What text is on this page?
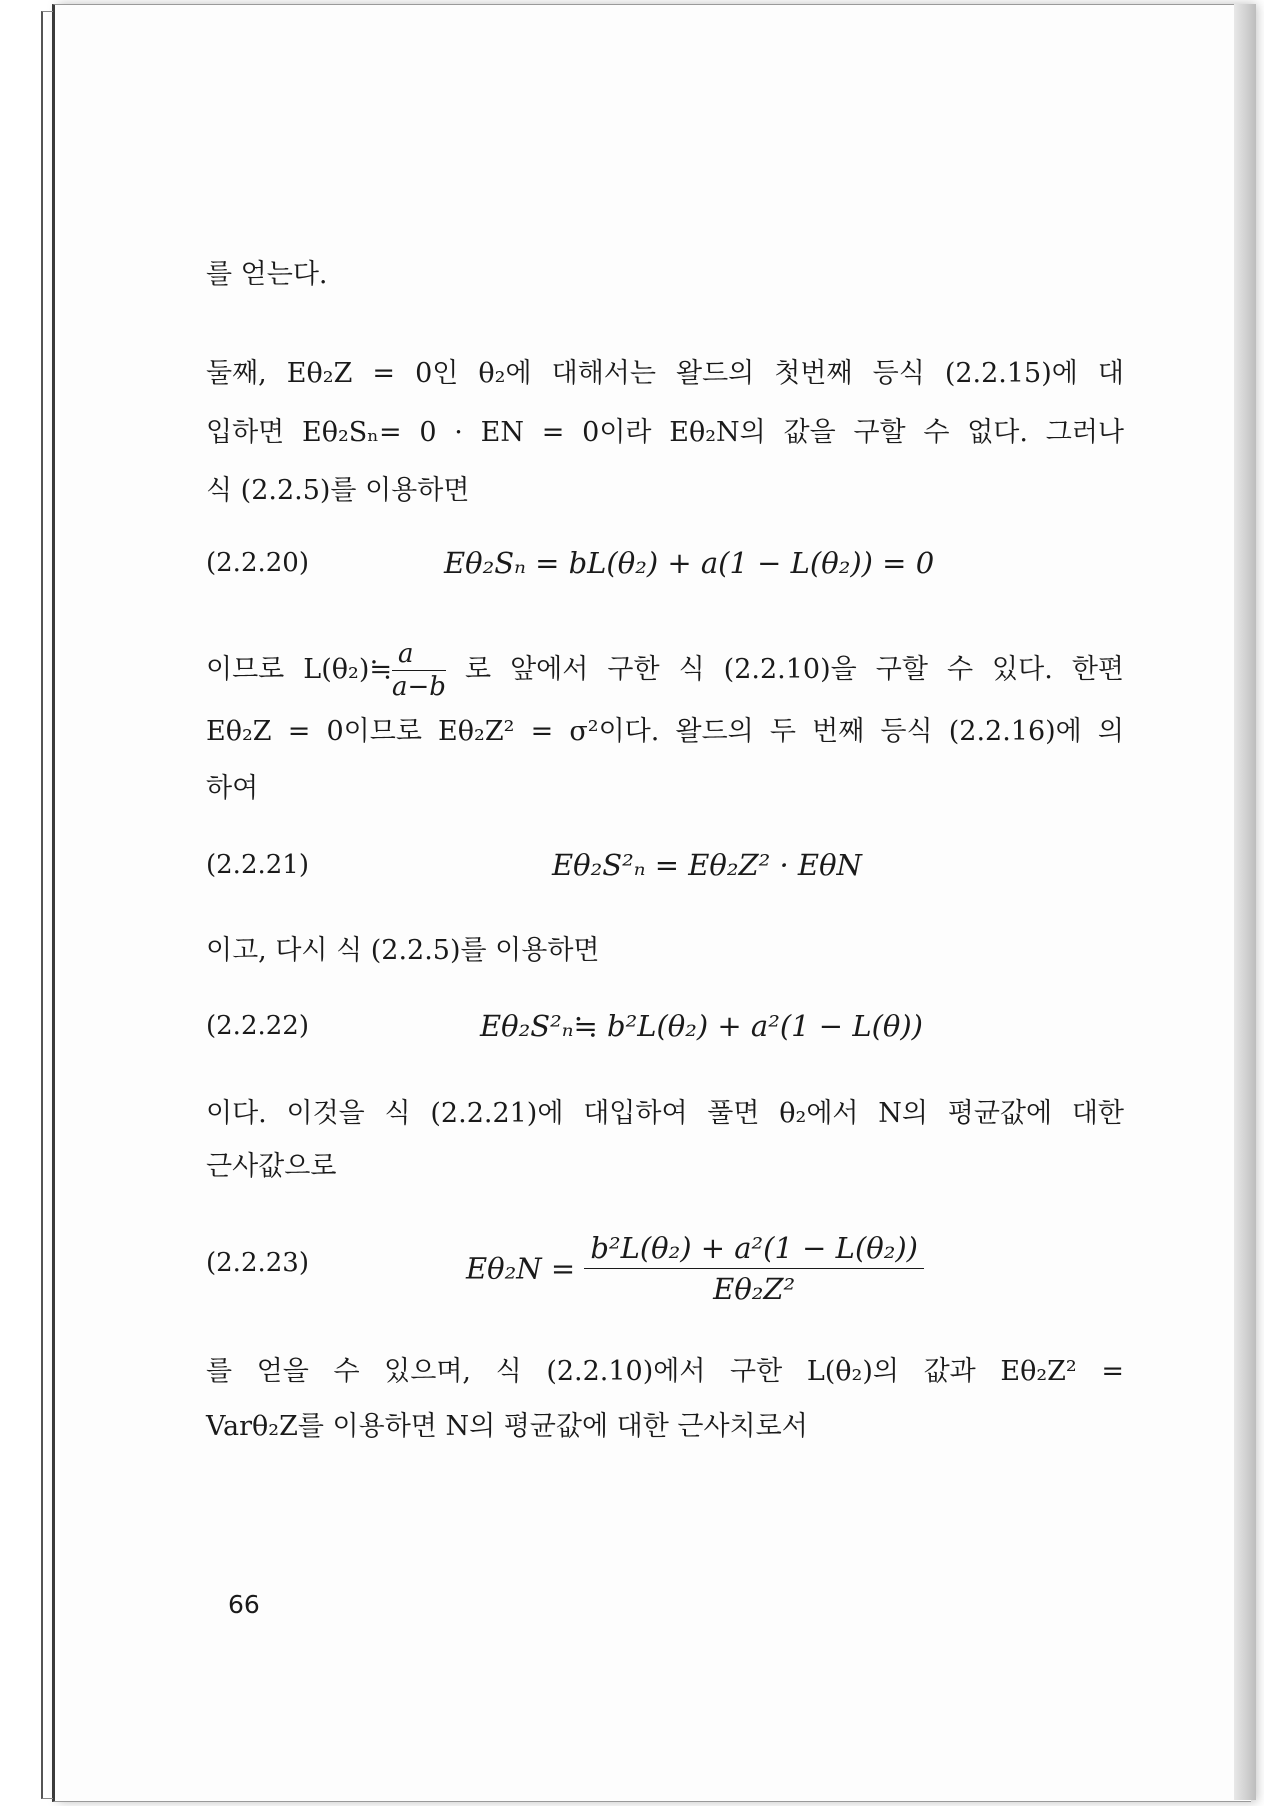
를 얻는다.
둘째, Eθ₂Z = 0인 θ₂에 대해서는 왈드의 첫번째 등식 (2.2.15)에 대
입하면 Eθ₂Sₙ= 0 · EN = 0이라 Eθ₂N의 값을 구할 수 없다. 그러나
식 (2.2.5)를 이용하면
(2.2.20)	Eθ₂Sₙ = bL(θ₂) + a(1 − L(θ₂)) = 0
이므로 L(θ₂)≒ $\frac{a}{a-b}$ 로 앞에서 구한 식 (2.2.10)을 구할 수 있다. 한편
Eθ₂Z = 0이므로 Eθ₂Z² = σ²이다. 왈드의 두 번째 등식 (2.2.16)에 의
하여
(2.2.21)	Eθ₂S²ₙ = Eθ₂Z² · EθN
이고, 다시 식 (2.2.5)를 이용하면
(2.2.22)	Eθ₂S²ₙ≒ b²L(θ₂) + a²(1 − L(θ))
이다. 이것을 식 (2.2.21)에 대입하여 풀면 θ₂에서 N의 평균값에 대한
근사값으로
(2.2.23)	$E\theta_2N = \frac{\text{b²L(θ₂) + a²(1 − L(θ₂))}}{\text{Eθ₂Z²}}$
를 얻을 수 있으며, 식 (2.2.10)에서 구한 L(θ₂)의 값과 Eθ₂Z² =
Varθ₂Z를 이용하면 N의 평균값에 대한 근사치로서
66
